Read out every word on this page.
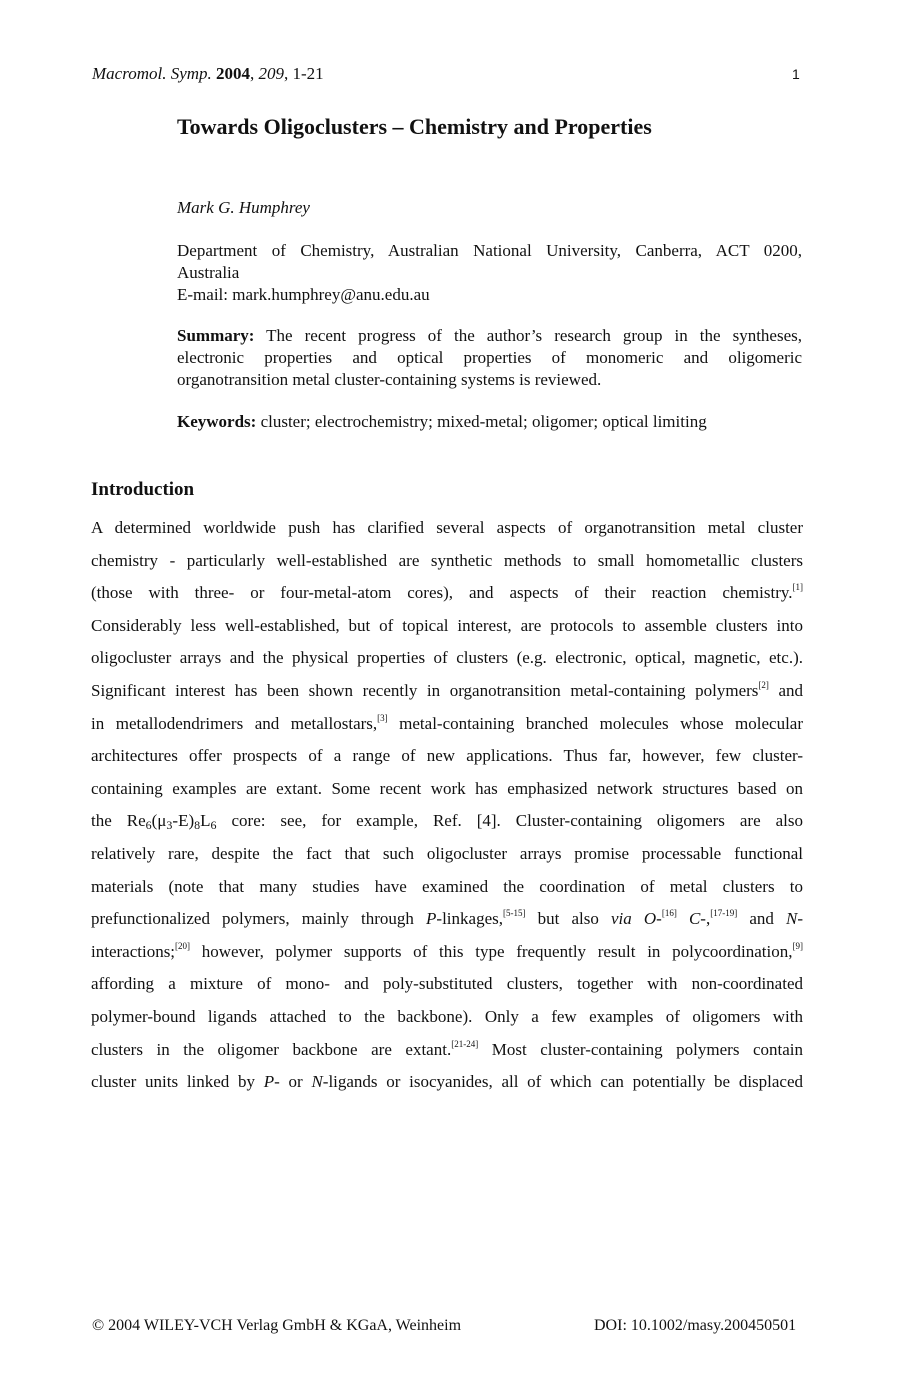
Macromol. Symp. 2004, 209, 1-21	1
Towards Oligoclusters – Chemistry and Properties
Mark G. Humphrey
Department of Chemistry, Australian National University, Canberra, ACT 0200,
Australia
E-mail: mark.humphrey@anu.edu.au
Summary: The recent progress of the author’s research group in the syntheses,
electronic properties and optical properties of monomeric and oligomeric
organotransition metal cluster-containing systems is reviewed.
Keywords: cluster; electrochemistry; mixed-metal; oligomer; optical limiting
Introduction
A determined worldwide push has clarified several aspects of organotransition metal cluster
chemistry - particularly well-established are synthetic methods to small homometallic clusters
(those with three- or four-metal-atom cores), and aspects of their reaction chemistry.[1]
Considerably less well-established, but of topical interest, are protocols to assemble clusters into
oligocluster arrays and the physical properties of clusters (e.g. electronic, optical, magnetic, etc.).
Significant interest has been shown recently in organotransition metal-containing polymers[2] and
in metallodendrimers and metallostars,[3] metal-containing branched molecules whose molecular
architectures offer prospects of a range of new applications. Thus far, however, few cluster-
containing examples are extant. Some recent work has emphasized network structures based on
the $Re_6(\mu_3-E)_8L_6$ core: see, for example, Ref. [4]. Cluster-containing oligomers are also
relatively rare, despite the fact that such oligocluster arrays promise processable functional
materials (note that many studies have examined the coordination of metal clusters to
prefunctionalized polymers, mainly through P-linkages,[5-15] but also via O-[16] C-,[17-19] and N-
interactions;[20] however, polymer supports of this type frequently result in polycoordination,[9]
affording a mixture of mono- and poly-substituted clusters, together with non-coordinated
polymer-bound ligands attached to the backbone). Only a few examples of oligomers with
clusters in the oligomer backbone are extant.[21-24] Most cluster-containing polymers contain
cluster units linked by P- or N-ligands or isocyanides, all of which can potentially be displaced
© 2004 WILEY-VCH Verlag GmbH & KGaA, Weinheim	DOI: 10.1002/masy.200450501
